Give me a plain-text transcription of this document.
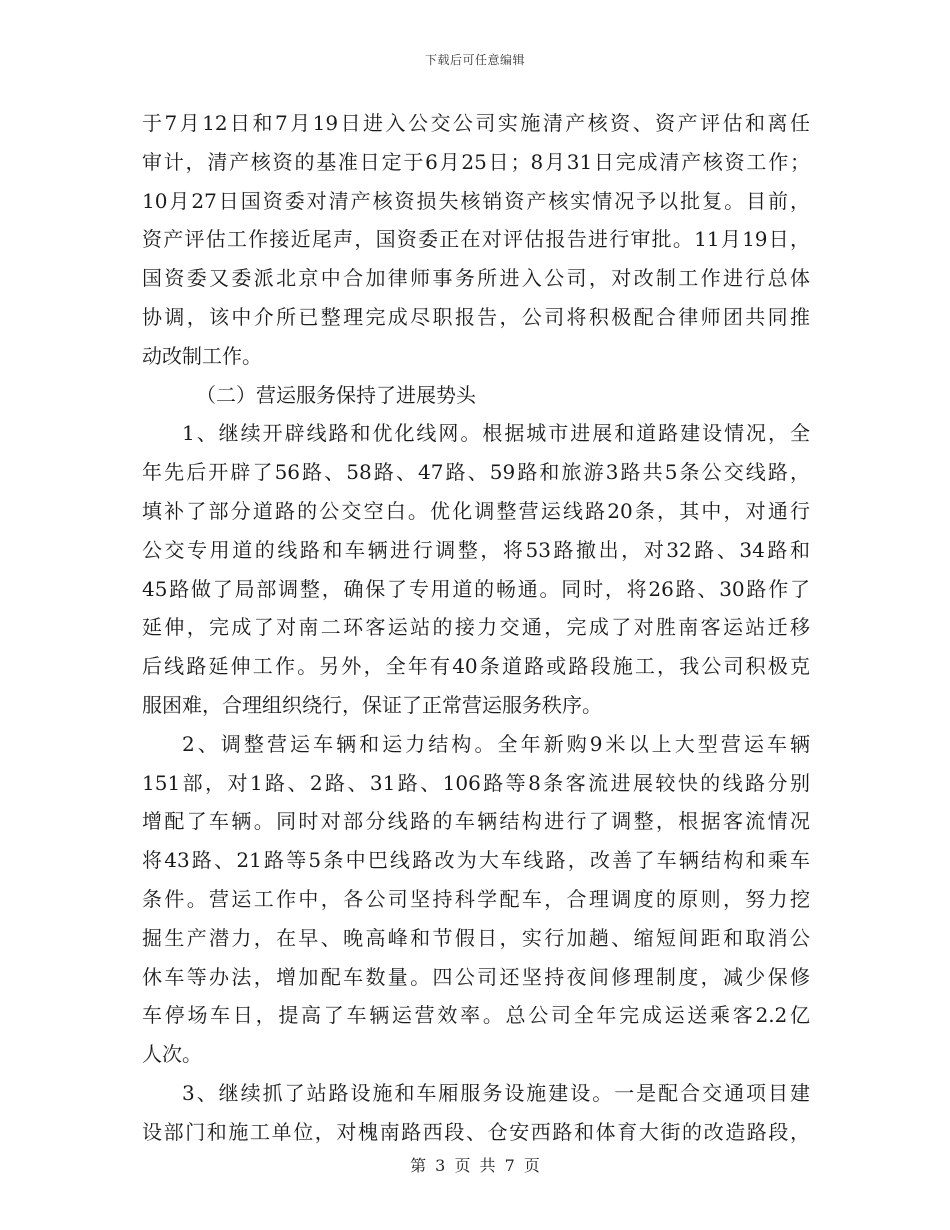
下载后可任意编辑
于7月12日和7月19日进入公交公司实施清产核资、资产评估和离任
审计，清产核资的基准日定于6月25日；8月31日完成清产核资工作；
10月27日国资委对清产核资损失核销资产核实情况予以批复。目前，
资产评估工作接近尾声，国资委正在对评估报告进行审批。11月19日，
国资委又委派北京中合加律师事务所进入公司，对改制工作进行总体
协调，该中介所已整理完成尽职报告，公司将积极配合律师团共同推
动改制工作。
（二）营运服务保持了进展势头
1、继续开辟线路和优化线网。根据城市进展和道路建设情况，全
年先后开辟了56路、58路、47路、59路和旅游3路共5条公交线路，
填补了部分道路的公交空白。优化调整营运线路20条，其中，对通行
公交专用道的线路和车辆进行调整，将53路撤出，对32路、34路和
45路做了局部调整，确保了专用道的畅通。同时，将26路、30路作了
延伸，完成了对南二环客运站的接力交通，完成了对胜南客运站迁移
后线路延伸工作。另外，全年有40条道路或路段施工，我公司积极克
服困难，合理组织绕行，保证了正常营运服务秩序。
2、调整营运车辆和运力结构。全年新购9米以上大型营运车辆
151部，对1路、2路、31路、106路等8条客流进展较快的线路分别
增配了车辆。同时对部分线路的车辆结构进行了调整，根据客流情况
将43路、21路等5条中巴线路改为大车线路，改善了车辆结构和乘车
条件。营运工作中，各公司坚持科学配车，合理调度的原则，努力挖
掘生产潜力，在早、晚高峰和节假日，实行加趟、缩短间距和取消公
休车等办法，增加配车数量。四公司还坚持夜间修理制度，减少保修
车停场车日，提高了车辆运营效率。总公司全年完成运送乘客2.2亿
人次。
3、继续抓了站路设施和车厢服务设施建设。一是配合交通项目建
设部门和施工单位，对槐南路西段、仓安西路和体育大街的改造路段，
第 3 页 共 7 页
